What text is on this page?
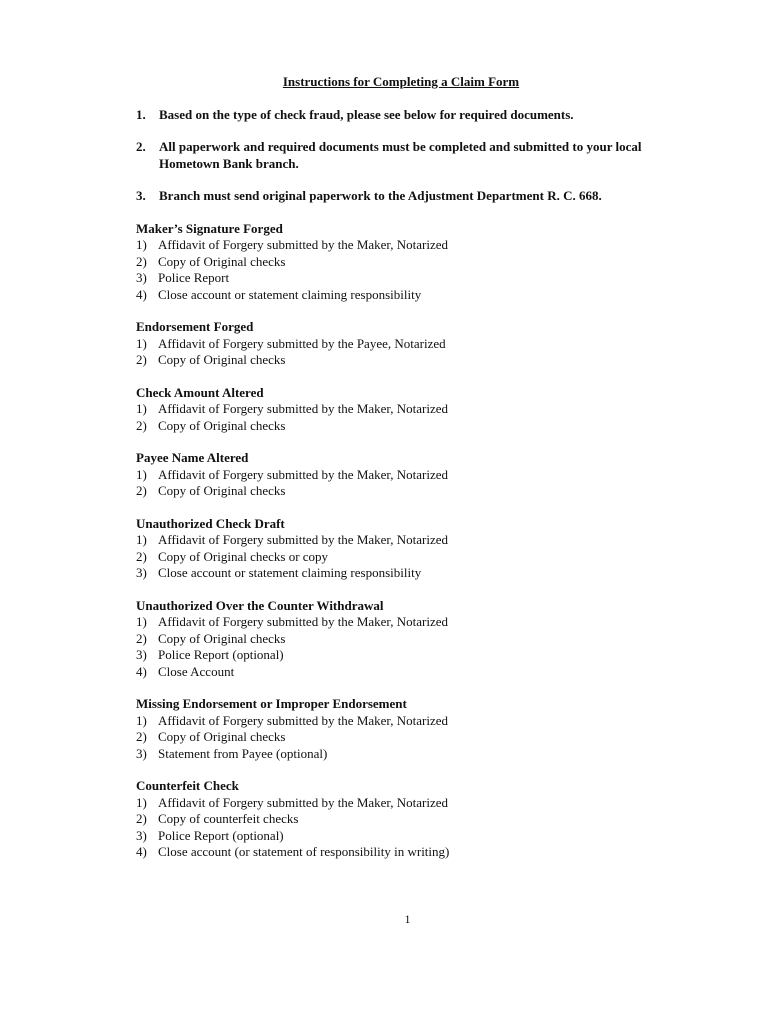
Instructions for Completing a Claim Form
1.	Based on the type of check fraud, please see below for required documents.
2.	All paperwork and required documents must be completed and submitted to your local Hometown Bank branch.
3.	Branch must send original paperwork to the Adjustment Department R. C. 668.
Maker’s Signature Forged
1) Affidavit of Forgery submitted by the Maker, Notarized
2) Copy of Original checks
3) Police Report
4) Close account or statement claiming responsibility
Endorsement Forged
1) Affidavit of Forgery submitted by the Payee, Notarized
2) Copy of Original checks
Check Amount Altered
1) Affidavit of Forgery submitted by the Maker, Notarized
2) Copy of Original checks
Payee Name Altered
1) Affidavit of Forgery submitted by the Maker, Notarized
2) Copy of Original checks
Unauthorized Check Draft
1) Affidavit of Forgery submitted by the Maker, Notarized
2) Copy of Original checks or copy
3) Close account or statement claiming responsibility
Unauthorized Over the Counter Withdrawal
1) Affidavit of Forgery submitted by the Maker, Notarized
2) Copy of Original checks
3) Police Report (optional)
4) Close Account
Missing Endorsement or Improper Endorsement
1) Affidavit of Forgery submitted by the Maker, Notarized
2) Copy of Original checks
3) Statement from Payee (optional)
Counterfeit Check
1) Affidavit of Forgery submitted by the Maker, Notarized
2) Copy of counterfeit checks
3) Police Report (optional)
4) Close account (or statement of responsibility in writing)
1
